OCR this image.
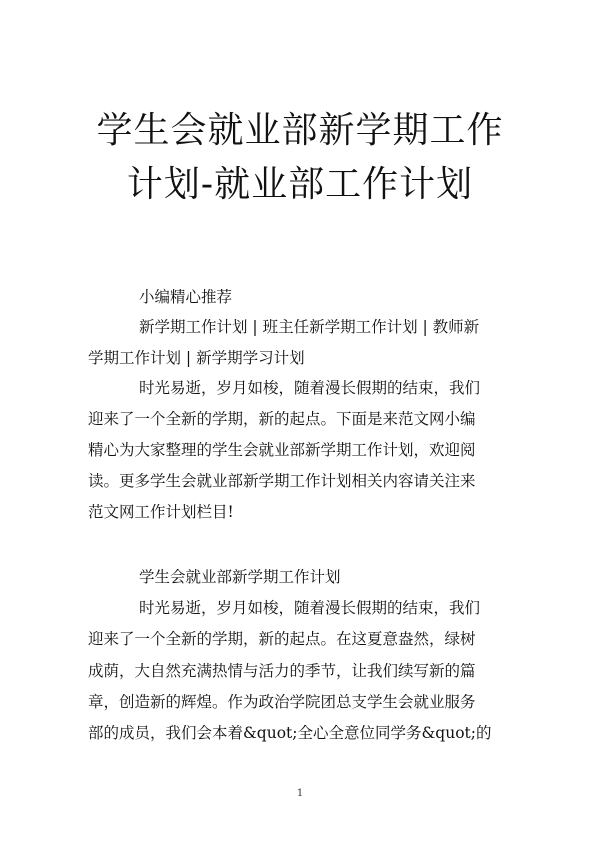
学生会就业部新学期工作
计划-就业部工作计划
小编精心推荐
新学期工作计划 | 班主任新学期工作计划 | 教师新
学期工作计划 | 新学期学习计划
时光易逝，岁月如梭，随着漫长假期的结束，我们
迎来了一个全新的学期，新的起点。下面是来范文网小编
精心为大家整理的学生会就业部新学期工作计划，欢迎阅
读。更多学生会就业部新学期工作计划相关内容请关注来
范文网工作计划栏目!
学生会就业部新学期工作计划
时光易逝，岁月如梭，随着漫长假期的结束，我们
迎来了一个全新的学期，新的起点。在这夏意盎然，绿树
成荫，大自然充满热情与活力的季节，让我们续写新的篇
章，创造新的辉煌。作为政治学院团总支学生会就业服务
部的成员，我们会本着&quot;全心全意位同学务&quot;的
1
